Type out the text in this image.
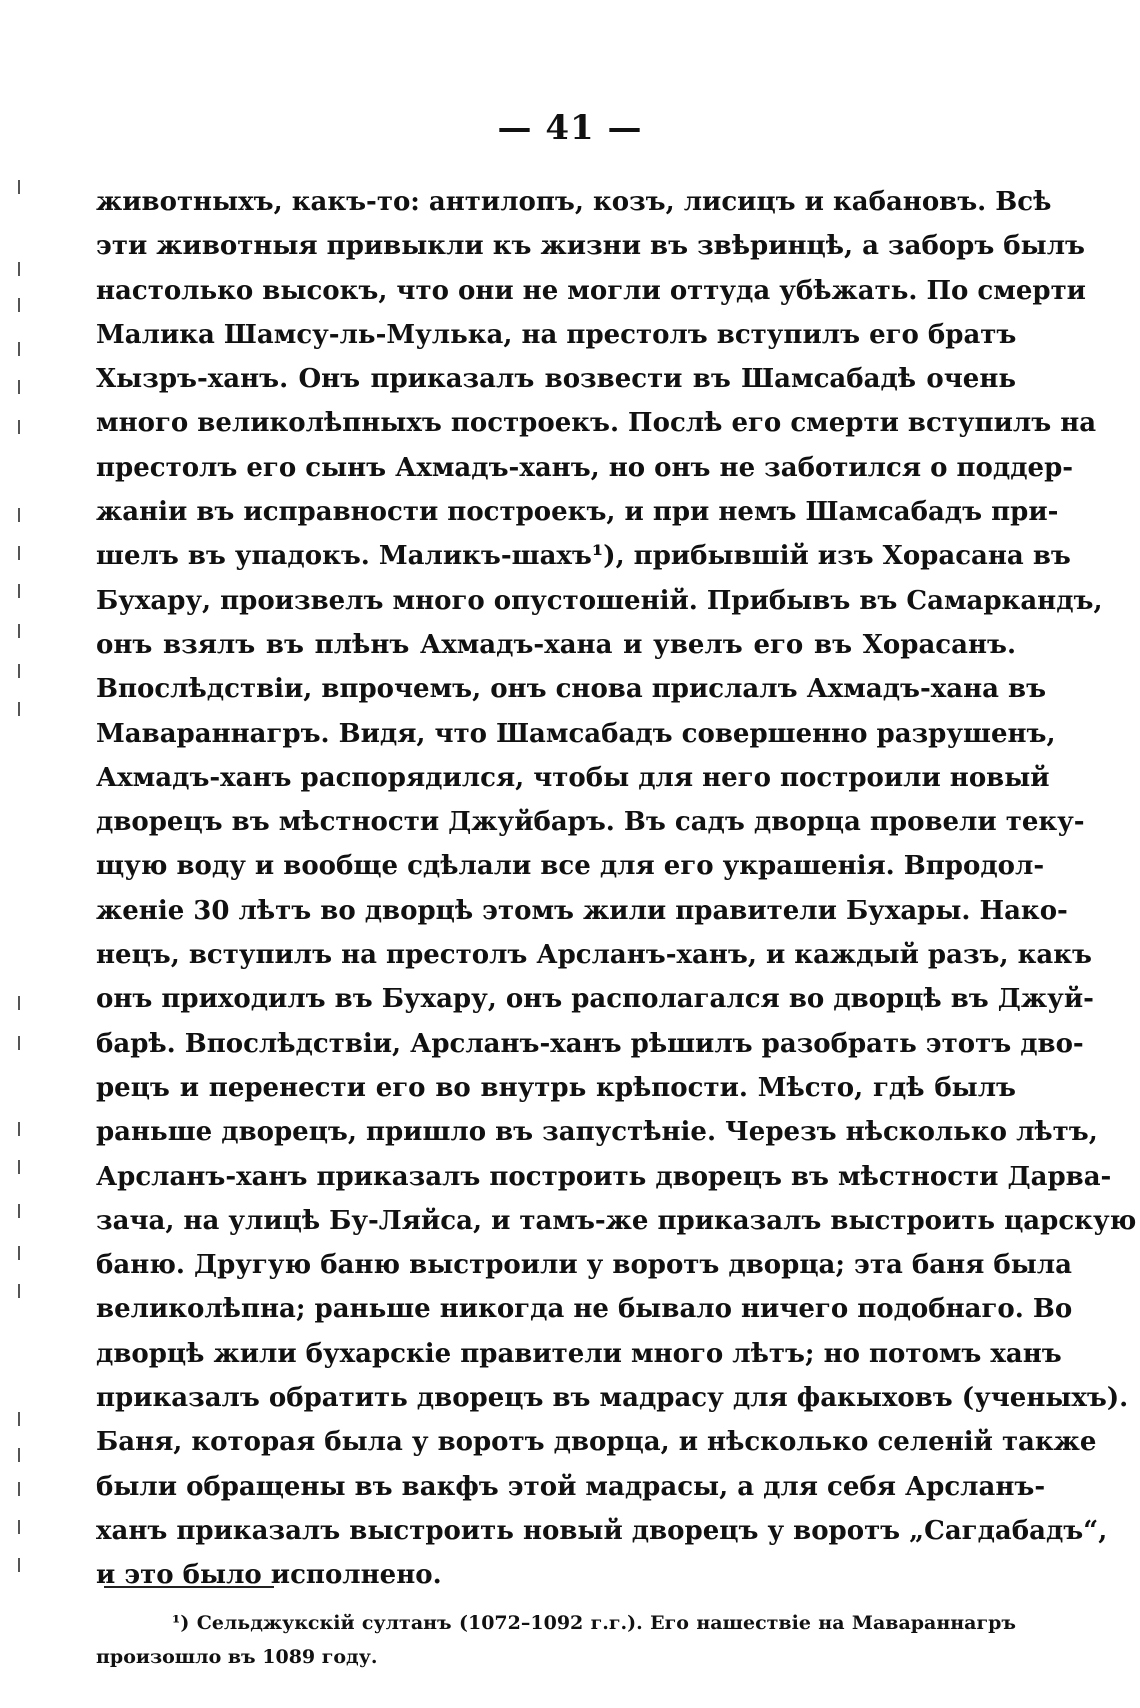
— 41 —
животныхъ, какъ-то: антилопъ, козъ, лисицъ и кабановъ. Всѣ
эти животныя привыкли къ жизни въ звѣринцѣ, а заборъ былъ
настолько высокъ, что они не могли оттуда убѣжать. По смерти
Малика Шамсу-ль-Мулька, на престолъ вступилъ его братъ
Хызръ-ханъ. Онъ приказалъ возвести въ Шамсабадѣ очень
много великолѣпныхъ построекъ. Послѣ его смерти вступилъ на
престолъ его сынъ Ахмадъ-ханъ, но онъ не заботился о поддер-
жаніи въ исправности построекъ, и при немъ Шамсабадъ при-
шелъ въ упадокъ. Маликъ-шахъ¹), прибывшій изъ Хорасана въ
Бухару, произвелъ много опустошеній. Прибывъ въ Самаркандъ,
онъ взялъ въ плѣнъ Ахмадъ-хана и увелъ его въ Хорасанъ.
Впослѣдствіи, впрочемъ, онъ снова прислалъ Ахмадъ-хана въ
Мавараннагръ. Видя, что Шамсабадъ совершенно разрушенъ,
Ахмадъ-ханъ распорядился, чтобы для него построили новый
дворецъ въ мѣстности Джуйбаръ. Въ садъ дворца провели теку-
щую воду и вообще сдѣлали все для его украшенія. Впродол-
женіе 30 лѣтъ во дворцѣ этомъ жили правители Бухары. Нако-
нецъ, вступилъ на престолъ Арсланъ-ханъ, и каждый разъ, какъ
онъ приходилъ въ Бухару, онъ располагался во дворцѣ въ Джуй-
барѣ. Впослѣдствіи, Арсланъ-ханъ рѣшилъ разобрать этотъ дво-
рецъ и перенести его во внутрь крѣпости. Мѣсто, гдѣ былъ
раньше дворецъ, пришло въ запустѣніе. Черезъ нѣсколько лѣтъ,
Арсланъ-ханъ приказалъ построить дворецъ въ мѣстности Дарва-
зача, на улицѣ Бу-Ляйса, и тамъ-же приказалъ выстроить царскую
баню. Другую баню выстроили у воротъ дворца; эта баня была
великолѣпна; раньше никогда не бывало ничего подобнаго. Во
дворцѣ жили бухарскіе правители много лѣтъ; но потомъ ханъ
приказалъ обратить дворецъ въ мадрасу для факыховъ (ученыхъ).
Баня, которая была у воротъ дворца, и нѣсколько селеній также
были обращены въ вакфъ этой мадрасы, а для себя Арсланъ-
ханъ приказалъ выстроить новый дворецъ у воротъ „Сагдабадъ“,
и это было исполнено.
¹) Сельджукскій султанъ (1072–1092 г.г.). Его нашествіе на Мавараннагръ
произошло въ 1089 году.
